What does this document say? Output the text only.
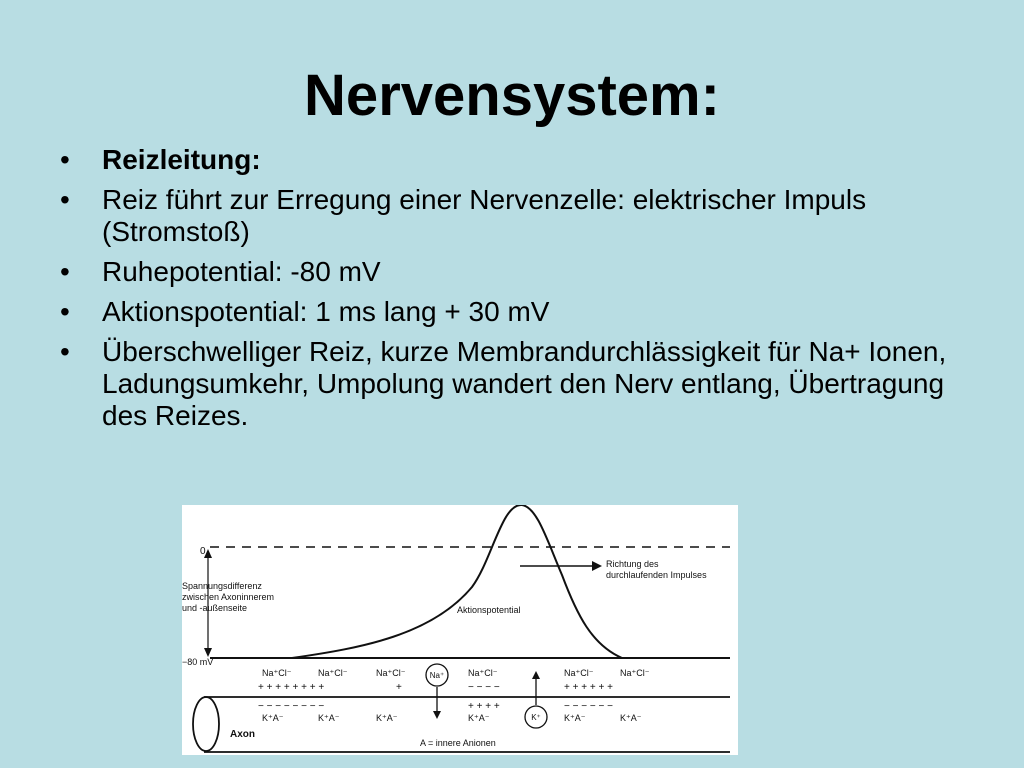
Nervensystem:
• Reizleitung:
• Reiz führt zur Erregung einer Nervenzelle: elektrischer Impuls (Stromstoß)
• Ruhepotential: -80 mV
• Aktionspotential: 1 ms lang + 30 mV
• Überschwelliger Reiz, kurze Membrandurchlässigkeit für Na+ Ionen, Ladungsumkehr, Umpolung wandert den Nerv entlang, Übertragung des Reizes.
0
Spannungsdifferenz
zwischen Axoninnerem
und -außenseite
−80 mV
Aktionspotential
Richtung des
durchlaufenden Impulses
Na⁺Cl⁻	Na⁺Cl⁻	Na⁺Cl⁻	Na⁺Cl⁻	Na⁺Cl⁻	Na⁺Cl⁻
Na⁺
+ + + + + + + +	+	− − − −	+ + + + + +
− − − − − − − −	+ + + +	− − − − − −
K⁺A⁻	K⁺A⁻	K⁺A⁻	K⁺A⁻	K⁺A⁻	K⁺A⁻
K⁺
Axon
A = innere Anionen
